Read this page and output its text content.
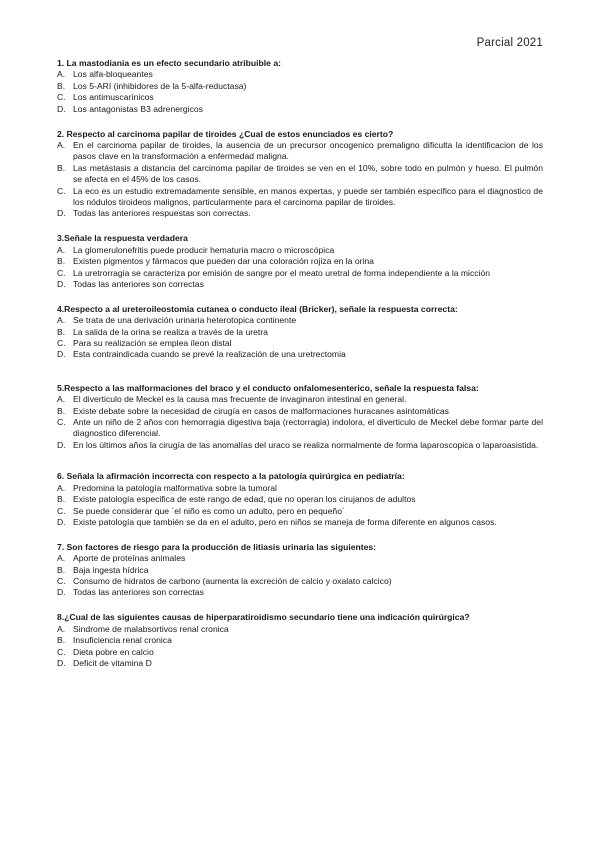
Parcial 2021
1. La mastodiania es un efecto secundario atribuible a:
A. Los alfa-bloqueantes
B. Los 5-ARI (inhibidores de la 5-alfa-reductasa)
C. Los antimuscarínicos
D. Los antagonistas B3 adrenergicos
2. Respecto al carcinoma papilar de tiroides ¿Cual de estos enunciados es cierto?
A. En el carcinoma papilar de tiroides, la ausencia de un precursor oncogenico premaligno dificulta la identificacion de los pasos clave en la transformación a enfermedad maligna.
B. Las metástasis a distancia del carcinoma papilar de tiroides se ven en el 10%, sobre todo en pulmón y hueso. El pulmón se afecta en el 45% de los casos.
C. La eco es un estudio extremadamente sensible, en manos expertas, y puede ser también especifico para el diagnostico de los nódulos tiroideos malignos, particularmente para el carcinoma papilar de tiroides.
D. Todas las anteriores respuestas son correctas.
3.Señale la respuesta verdadera
A. La glomerulonefritis puede producir hematuria macro o microscópica
B. Existen pigmentos y fármacos que pueden dar una coloración rojiza en la orina
C. La uretrorragia se caracteriza por emisión de sangre por el meato uretral de forma independiente a la micción
D. Todas las anteriores son correctas
4.Respecto a al ureteroileostomia cutanea o conducto ileal (Bricker), señale la respuesta correcta:
A. Se trata de una derivación urinaria heterotopica continente
B. La salida de la orina se realiza a través de la uretra
C. Para su realización se emplea íleon distal
D. Esta contraindicada cuando se prevé la realización de una uretrectomia
5.Respecto a las malformaciones del braco y el conducto onfalomesenterico, señale la respuesta falsa:
A. El diverticulo de Meckel es la causa mas frecuente de invaginaron intestinal en general.
B. Existe debate sobre la necesidad de cirugía en casos de malformaciones huracanes asintomáticas
C. Ante un niño de 2 años con hemorragia digestiva baja (rectorragia) indolora, el diverticulo de Meckel debe formar parte del diagnostico diferencial.
D. En los últimos años la cirugía de las anomalías del uraco se realiza normalmente de forma laparoscopica o laparoasistida.
6. Señala la afirmación incorrecta con respecto a la patología quirúrgica en pediatría:
A. Predomina la patología malformativa sobre la tumoral
B. Existe patología especifica de este rango de edad, que no operan los cirujanos de adultos
C. Se puede considerar que ´el niño es como un adulto, pero en pequeño´
D. Existe patología que también se da en el adulto, pero en niños se maneja de forma diferente en algunos casos.
7. Son factores de riesgo para la producción de litiasis urinaria las siguientes:
A. Aporte de proteínas animales
B. Baja ingesta hídrica
C. Consumo de hidratos de carbono (aumenta la excreción de calcio y oxalato calcico)
D. Todas las anteriores son correctas
8.¿Cual de las siguientes causas de hiperparatiroidismo secundario tiene una indicación quirúrgica?
A. Sindrome de malabsortivos renal cronica
B. Insuficiencia renal cronica
C. Dieta pobre en calcio
D. Deficit de vitamina D
